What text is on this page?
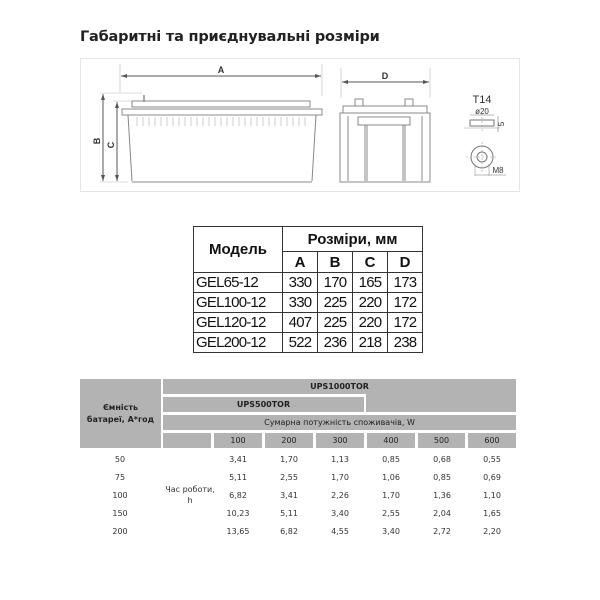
Габаритні та приєднувальні розміри
A
D
B
C
T14
ø20
5
M8
Модель	Розміри, мм			
	A	B	C	D
GEL65-12	330	170	165	173
GEL100-12	330	225	220	172
GEL120-12	407	225	220	172
GEL200-12	522	236	218	238
Ємність батареї, А*год
UPS1000TOR
UPS500TOR
Сумарна потужність споживачів, W
100	200	300	400	500	600
Час роботи, h
50	3,41	1,70	1,13	0,85	0,68	0,55
75	5,11	2,55	1,70	1,06	0,85	0,69
100	6,82	3,41	2,26	1,70	1,36	1,10
150	10,23	5,11	3,40	2,55	2,04	1,65
200	13,65	6,82	4,55	3,40	2,72	2,20
